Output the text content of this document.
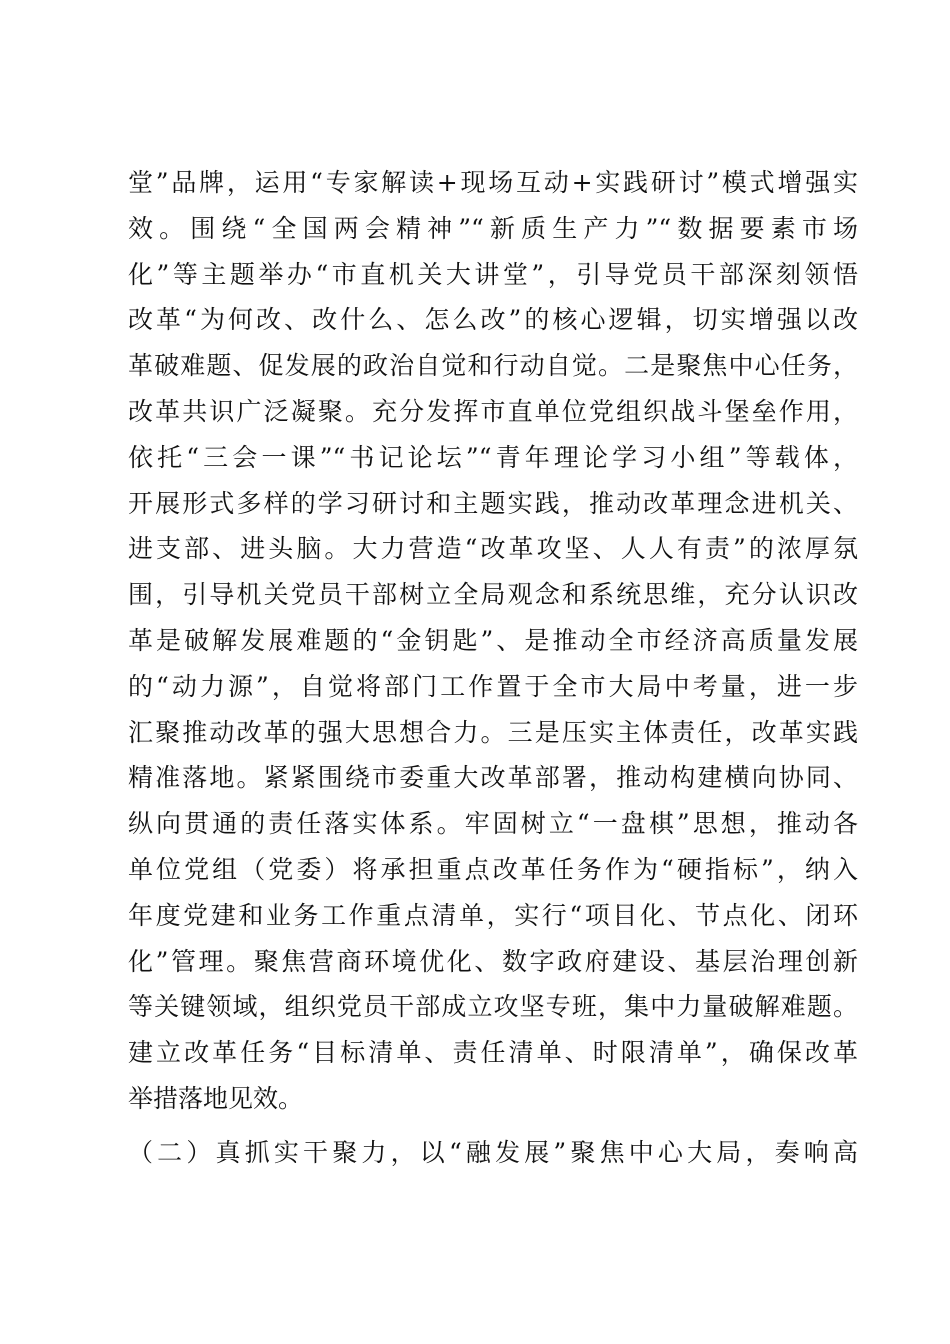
堂”品牌，运用“专家解读+现场互动+实践研讨”模式增强实
效。围绕“全国两会精神”“新质生产力”“数据要素市场
化”等主题举办“市直机关大讲堂”，引导党员干部深刻领悟
改革“为何改、改什么、怎么改”的核心逻辑，切实增强以改
革破难题、促发展的政治自觉和行动自觉。二是聚焦中心任务，
改革共识广泛凝聚。充分发挥市直单位党组织战斗堡垒作用，
依托“三会一课”“书记论坛”“青年理论学习小组”等载体，
开展形式多样的学习研讨和主题实践，推动改革理念进机关、
进支部、进头脑。大力营造“改革攻坚、人人有责”的浓厚氛
围，引导机关党员干部树立全局观念和系统思维，充分认识改
革是破解发展难题的“金钥匙”、是推动全市经济高质量发展
的“动力源”，自觉将部门工作置于全市大局中考量，进一步
汇聚推动改革的强大思想合力。三是压实主体责任，改革实践
精准落地。紧紧围绕市委重大改革部署，推动构建横向协同、
纵向贯通的责任落实体系。牢固树立“一盘棋”思想，推动各
单位党组（党委）将承担重点改革任务作为“硬指标”，纳入
年度党建和业务工作重点清单，实行“项目化、节点化、闭环
化”管理。聚焦营商环境优化、数字政府建设、基层治理创新
等关键领域，组织党员干部成立攻坚专班，集中力量破解难题。
建立改革任务“目标清单、责任清单、时限清单”，确保改革
举措落地见效。
（二）真抓实干聚力，以“融发展”聚焦中心大局，奏响高
